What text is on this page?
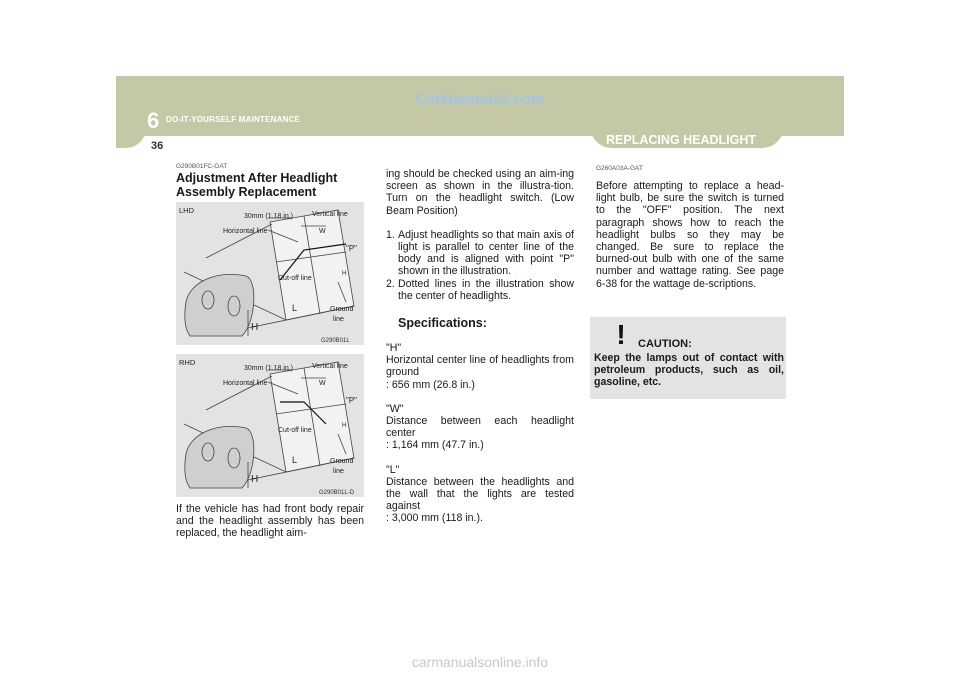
6 DO-IT-YOURSELF MAINTENANCE
CarManuals2.com
36	REPLACING HEADLIGHT BULBS
G290B01FC-GAT
Adjustment After Headlight Assembly Replacement
LHD
30mm (1.18 in.)	Vertical line
Horizontal line	W
"P"
H
Cut-off line
L
H
Ground
line
G290B01L
RHD
30mm (1.18 in.)	Vertical line
Horizontal line	W
"P"
H
Cut-off line
L
H
Ground
line
G290B01L-D
If the vehicle has had front body repair and the headlight assembly has been replaced, the headlight aim-
ing should be checked using an aim-ing screen as shown in the illustra-tion. Turn on the headlight switch. (Low Beam Position)
1. Adjust headlights so that main axis of light is parallel to center line of the body and is aligned with point "P" shown in the illustration.
2. Dotted lines in the illustration show the center of headlights.
Specifications:
"H"
Horizontal center line of headlights from ground
: 656 mm (26.8 in.)
"W"
Distance between each headlight center
: 1,164 mm (47.7 in.)
"L"
Distance between the headlights and the wall that the lights are tested against
: 3,000 mm (118 in.).
G260A03A-GAT
Before attempting to replace a head-light bulb, be sure the switch is turned to the "OFF" position. The next paragraph shows how to reach the headlight bulbs so they may be changed. Be sure to replace the burned-out bulb with one of the same number and wattage rating. See page 6-38 for the wattage de-scriptions.
! CAUTION:
Keep the lamps out of contact with petroleum products, such as oil, gasoline, etc.
carmanualsonline.info
